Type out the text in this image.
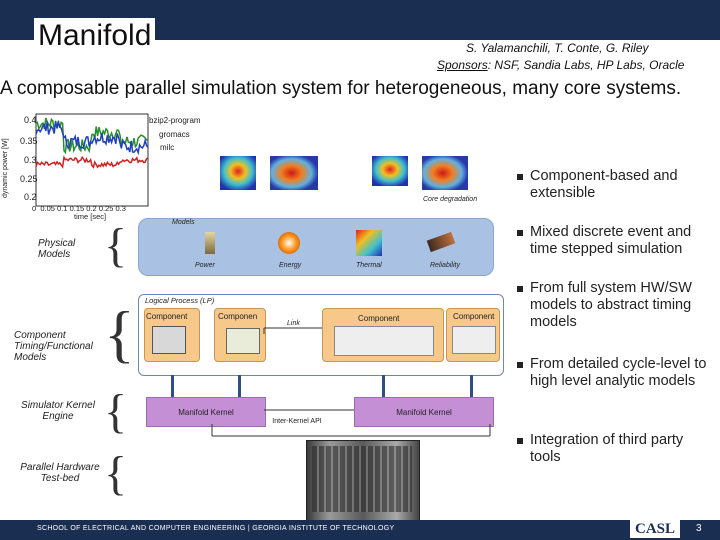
Manifold	S. Yalamanchili, T. Conte, G. Riley
Sponsors: NSF, Sandia Labs, HP Labs, Oracle
A composable parallel simulation system for heterogeneous, many core systems.
dynamic power [W]
0.4
0.35
0.3
0.25
0.2
0 0.05 0.1 0.15 0.2 0.25 0.3
time [sec]
bzip2-program
gromacs
milc
Core degradation
Models
Power	Energy	Thermal	Reliability
Physical Models {
Logical Process (LP)
Component	Componen
Link
Component	Component
Component Timing/Functional Models {
Manifold Kernel	Manifold Kernel
Inter-Kernel API
Simulator Kernel Engine {
Parallel Hardware Test-bed {
Component-based and extensible
Mixed discrete event and time stepped simulation
From full system HW/SW models to abstract timing models
From detailed cycle-level to high level analytic models
Integration of third party tools
SCHOOL OF ELECTRICAL AND COMPUTER ENGINEERING | GEORGIA INSTITUTE OF TECHNOLOGY	CASL	3
